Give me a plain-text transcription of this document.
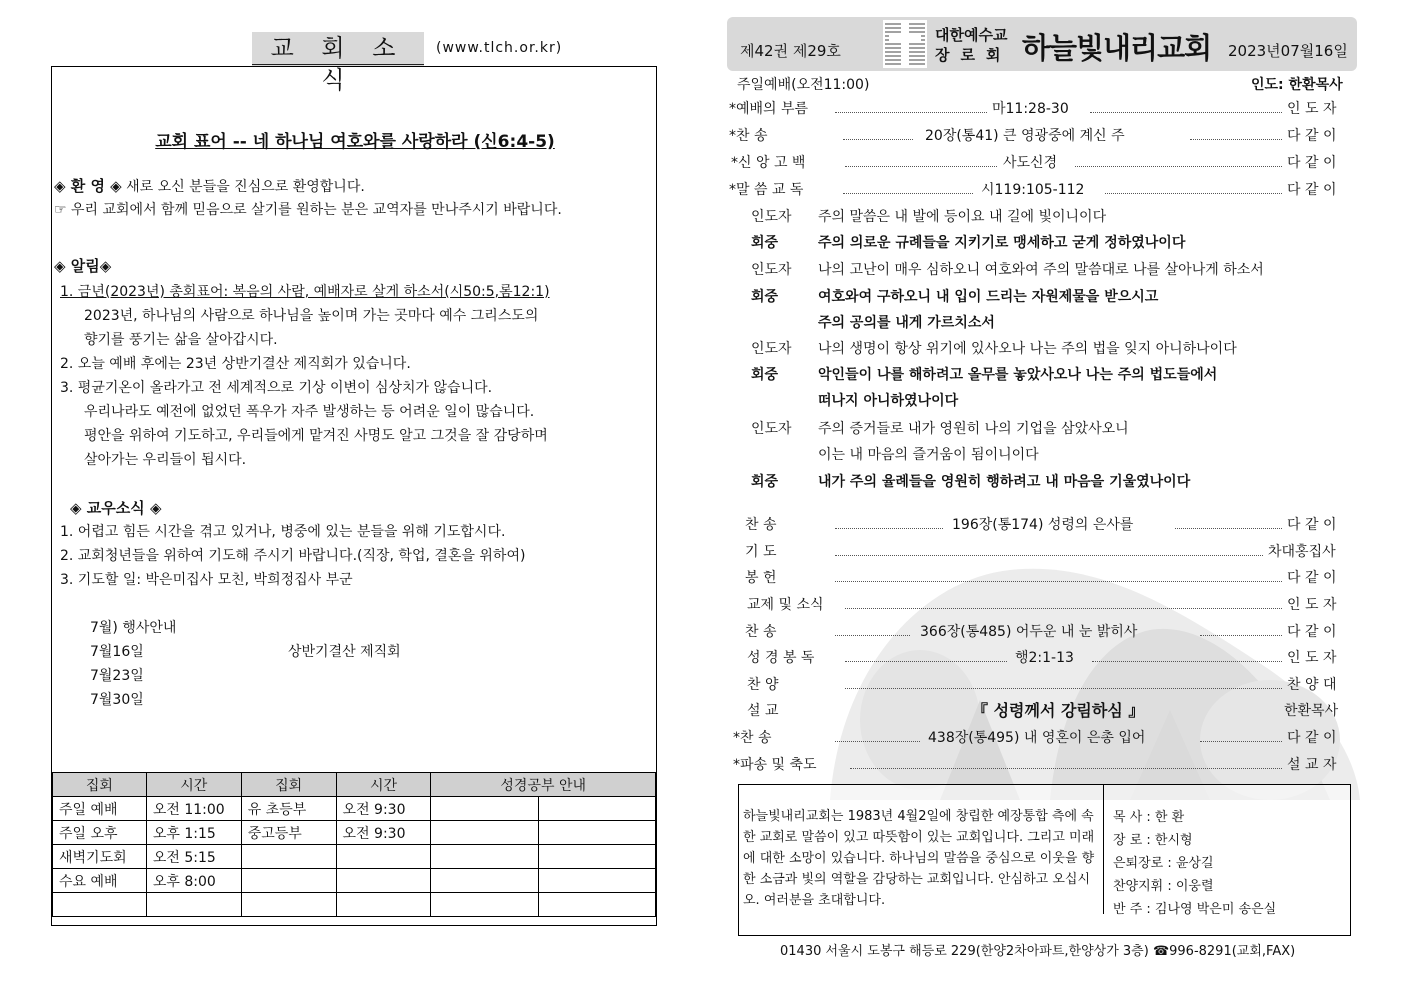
교 회 소 식
(www.tlch.or.kr)
교회 표어 -- 네 하나님 여호와를 사랑하라 (신6:4-5)
◈ 환 영 ◈ 새로 오신 분들을 진심으로 환영합니다.
☞ 우리 교회에서 함께 믿음으로 살기를 원하는 분은 교역자를 만나주시기 바랍니다.
◈ 알림◈
1. 금년(2023년) 총회표어: 복음의 사람, 예배자로 살게 하소서(시50:5,롬12:1)
2023년, 하나님의 사람으로 하나님을 높이며 가는 곳마다 예수 그리스도의
향기를 풍기는 삶을 살아갑시다.
2. 오늘 예배 후에는 23년 상반기결산 제직회가 있습니다.
3. 평균기온이 올라가고 전 세계적으로 기상 이변이 심상치가 않습니다.
우리나라도 예전에 없었던 폭우가 자주 발생하는 등 어려운 일이 많습니다.
평안을 위하여 기도하고, 우리들에게 맡겨진 사명도 알고 그것을 잘 감당하며
살아가는 우리들이 됩시다.
◈ 교우소식 ◈
1. 어렵고 힘든 시간을 겪고 있거나, 병중에 있는 분들을 위해 기도합시다.
2. 교회청년들을 위하여 기도해 주시기 바랍니다.(직장, 학업, 결혼을 위하여)
3. 기도할 일: 박은미집사 모친, 박희정집사 부군
7월) 행사안내
7월16일	상반기결산 제직회
7월23일
7월30일
집회	시간	집회	시간	성경공부 안내	
주일 예배	오전 11:00	유 초등부	오전 9:30		
주일 오후	오후 1:15	중고등부	오전 9:30		
새벽기도회	오전 5:15				
수요 예배	오후 8:00				

제42권 제29호
대한예수교
장로회 하늘빛내리교회 2023년07월16일
주일예배(오전11:00)	인도: 한환목사
*예배의 부름	마11:28-30	인 도 자
*찬 송	20장(통41) 큰 영광중에 계신 주	다 같 이
*신 앙 고 백	사도신경	다 같 이
*말 씀 교 독	시119:105-112	다 같 이
인도자 주의 말씀은 내 발에 등이요 내 길에 빛이니이다
회중	주의 의로운 규례들을 지키기로 맹세하고 굳게 정하였나이다
인도자 나의 고난이 매우 심하오니 여호와여 주의 말씀대로 나를 살아나게 하소서
회중	여호와여 구하오니 내 입이 드리는 자원제물을 받으시고
주의 공의를 내게 가르치소서
인도자 나의 생명이 항상 위기에 있사오나 나는 주의 법을 잊지 아니하나이다
회중	악인들이 나를 해하려고 올무를 놓았사오나 나는 주의 법도들에서
떠나지 아니하였나이다
인도자 주의 증거들로 내가 영원히 나의 기업을 삼았사오니
이는 내 마음의 즐거움이 됨이니이다
회중	내가 주의 율례들을 영원히 행하려고 내 마음을 기울였나이다
찬 송	196장(통174) 성령의 은사를	다 같 이
기 도	차대홍집사
봉 헌	다 같 이
교제 및 소식	인 도 자
찬 송	366장(통485) 어두운 내 눈 밝히사	다 같 이
성 경 봉 독	행2:1-13	인 도 자
찬 양	찬 양 대
설 교	『 성령께서 강림하심 』	한환목사
*찬 송	438장(통495) 내 영혼이 은총 입어	다 같 이
*파송 및 축도	설 교 자
하늘빛내리교회는 1983년 4월2일에 창립한 예장통합 측에 속한 교회로 말씀이 있고 따뜻함이 있는 교회입니다. 그리고 미래에 대한 소망이 있습니다. 하나님의 말씀을 중심으로 이웃을 향한 소금과 빛의 역할을 감당하는 교회입니다. 안심하고 오십시오. 여러분을 초대합니다.
목 사 : 한 환
장 로 : 한시형
은퇴장로 : 윤상길
찬양지휘 : 이웅렬
반 주 : 김나영 박은미 송은실
01430 서울시 도봉구 해등로 229(한양2차아파트,한양상가 3층) ☎996-8291(교회,FAX)
